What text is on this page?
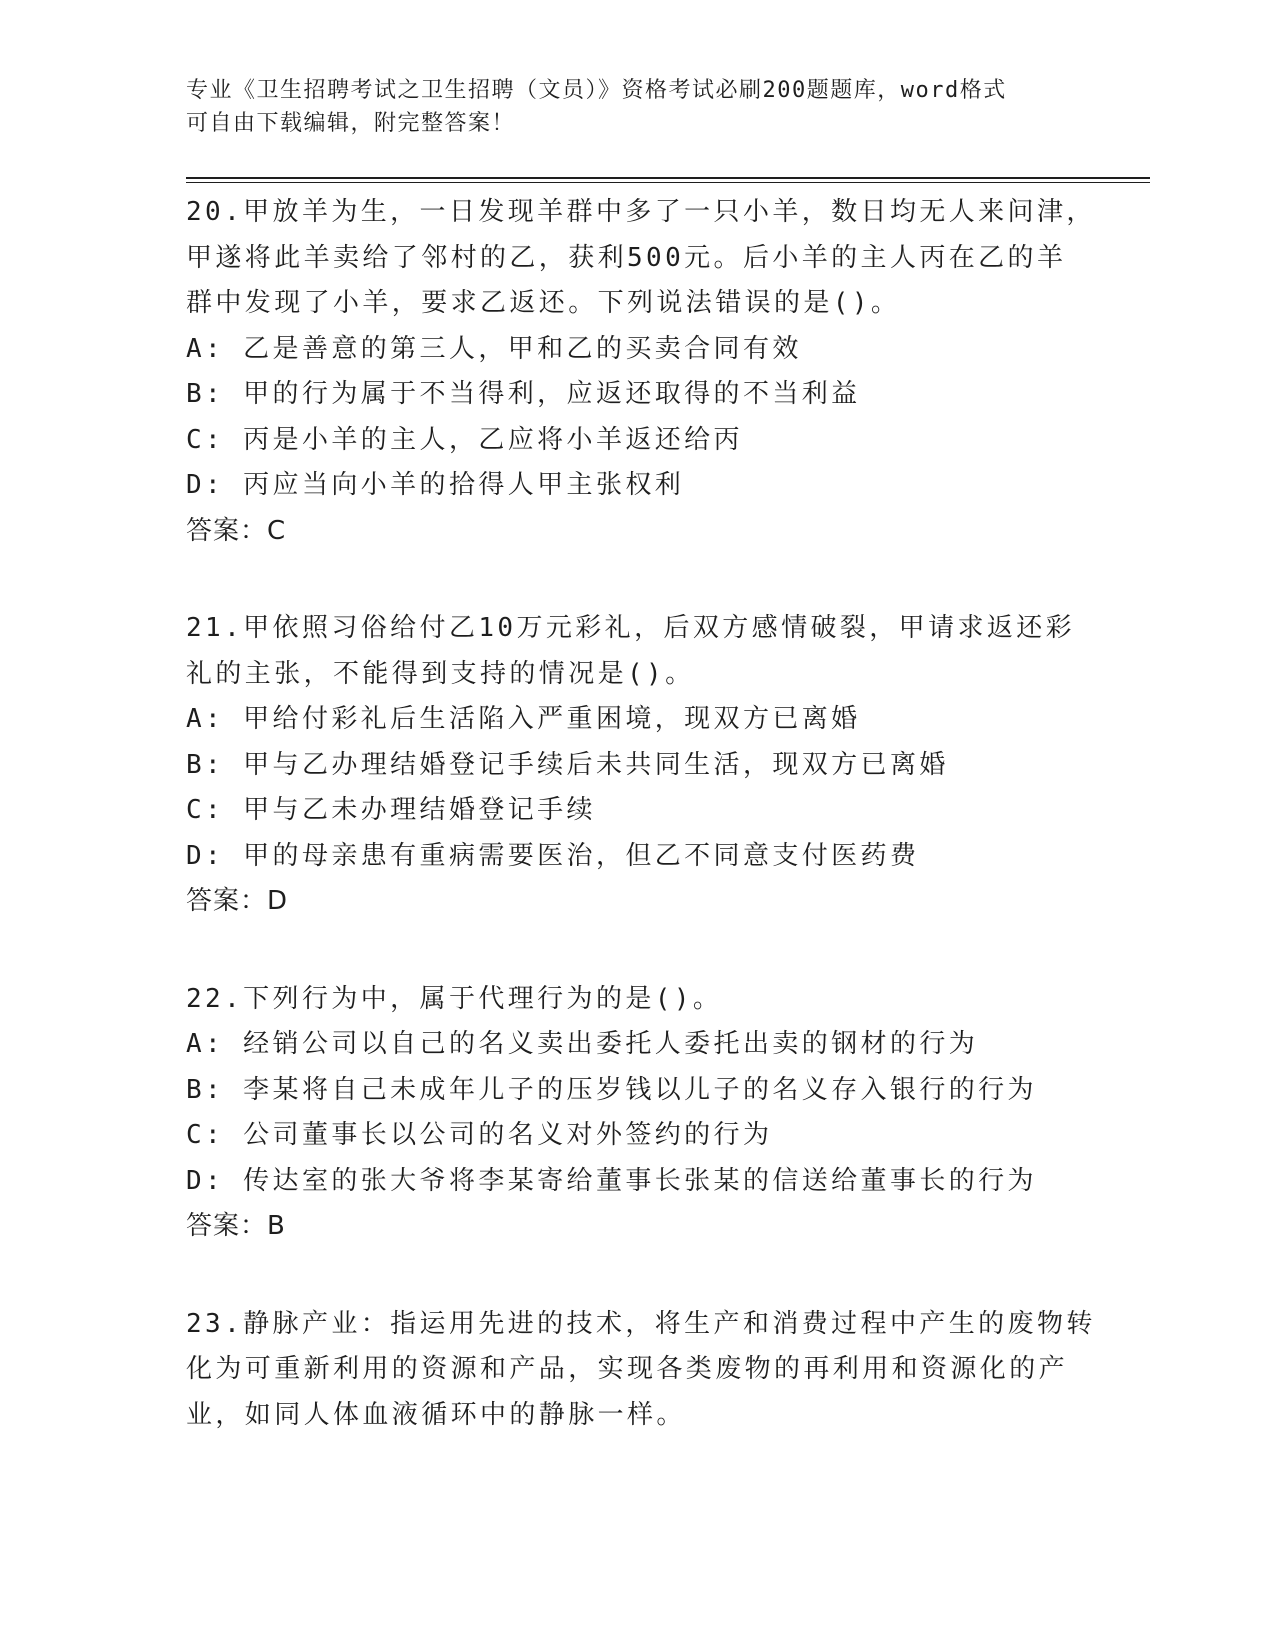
专业《卫生招聘考试之卫生招聘（文员）》资格考试必刷200题题库，word格式
可自由下载编辑，附完整答案！
20.甲放羊为生，一日发现羊群中多了一只小羊，数日均无人来问津，
甲遂将此羊卖给了邻村的乙，获利500元。后小羊的主人丙在乙的羊
群中发现了小羊，要求乙返还。下列说法错误的是()。
A: 乙是善意的第三人，甲和乙的买卖合同有效
B: 甲的行为属于不当得利，应返还取得的不当利益
C: 丙是小羊的主人，乙应将小羊返还给丙
D: 丙应当向小羊的拾得人甲主张权利
答案：C
21.甲依照习俗给付乙10万元彩礼，后双方感情破裂，甲请求返还彩
礼的主张，不能得到支持的情况是()。
A: 甲给付彩礼后生活陷入严重困境，现双方已离婚
B: 甲与乙办理结婚登记手续后未共同生活，现双方已离婚
C: 甲与乙未办理结婚登记手续
D: 甲的母亲患有重病需要医治，但乙不同意支付医药费
答案：D
22.下列行为中，属于代理行为的是()。
A: 经销公司以自己的名义卖出委托人委托出卖的钢材的行为
B: 李某将自己未成年儿子的压岁钱以儿子的名义存入银行的行为
C: 公司董事长以公司的名义对外签约的行为
D: 传达室的张大爷将李某寄给董事长张某的信送给董事长的行为
答案：B
23.静脉产业：指运用先进的技术，将生产和消费过程中产生的废物转
化为可重新利用的资源和产品，实现各类废物的再利用和资源化的产
业，如同人体血液循环中的静脉一样。
